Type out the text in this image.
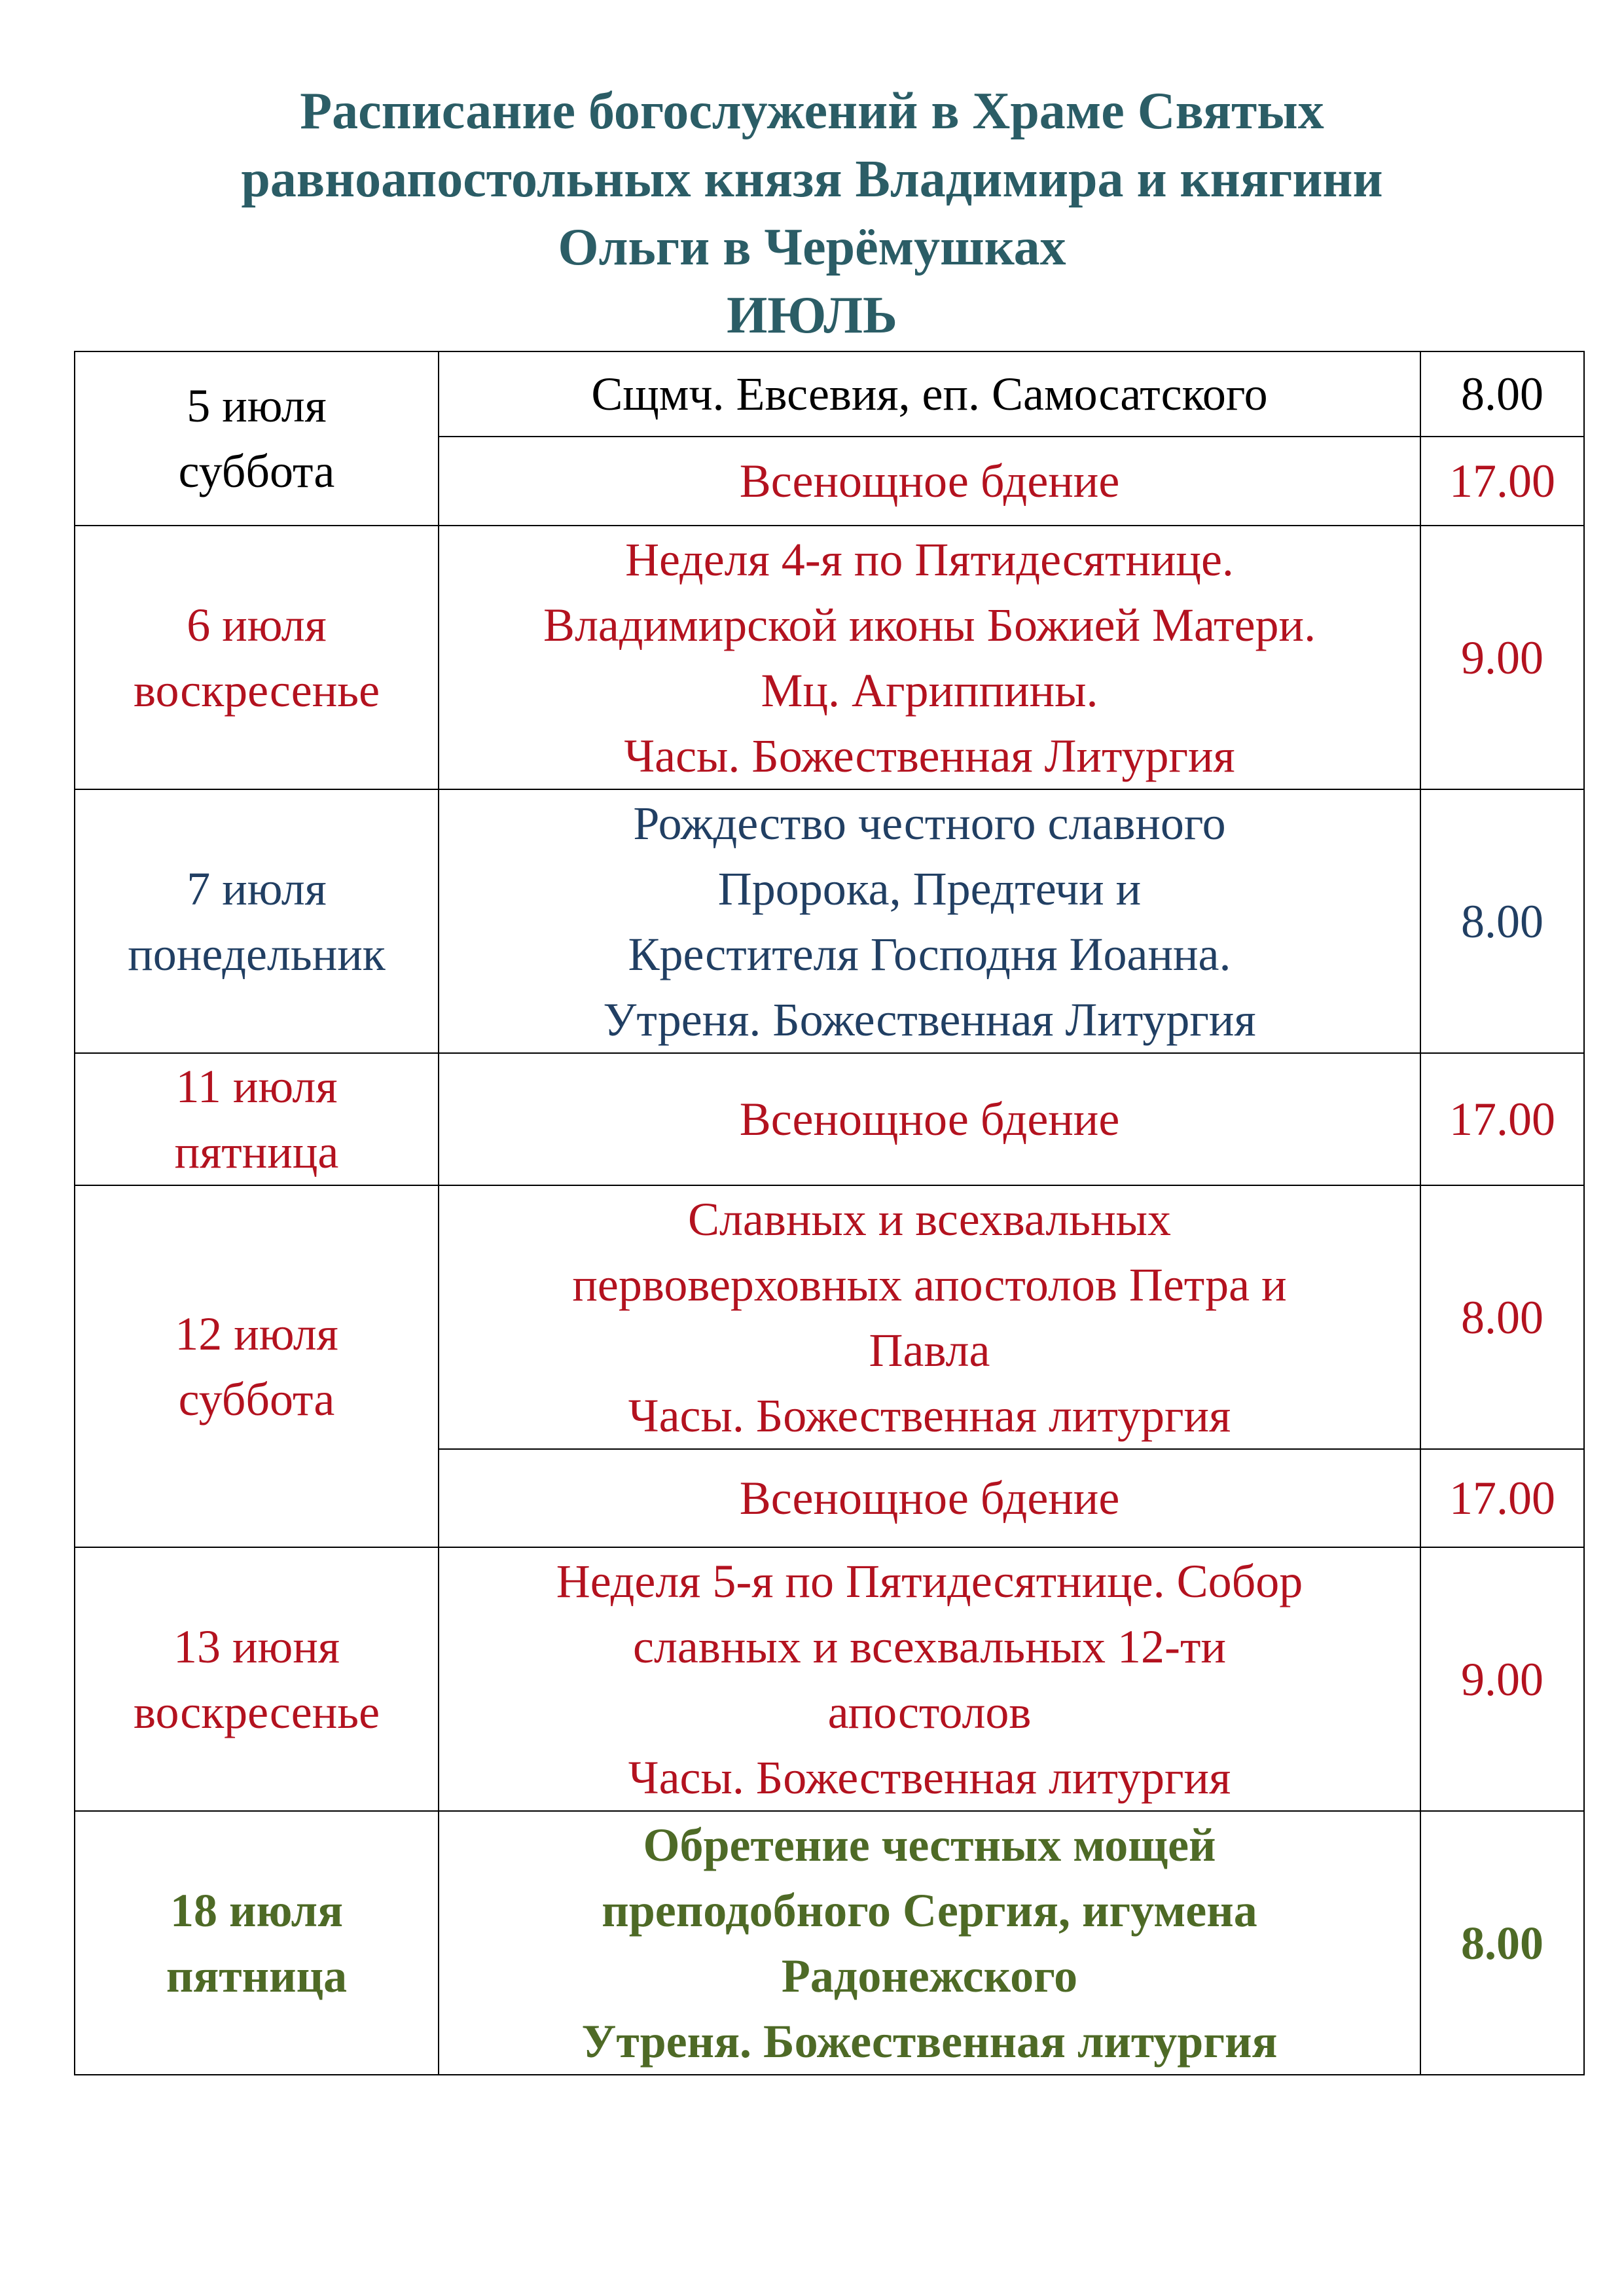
Расписание богослужений в Храме Святых
равноапостольных князя Владимира и княгини
Ольги в Черёмушках
ИЮЛЬ
5 июля
суббота	Сщмч. Евсевия, еп. Самосатского	8.00

	Всенощное бдение	17.00

6 июля
воскресенье	Неделя 4-я по Пятидесятнице.
Владимирской иконы Божией Матери.
Мц. Агриппины.
Часы. Божественная Литургия	9.00

7 июля
понедельник	Рождество честного славного
Пророка, Предтечи и
Крестителя Господня Иоанна.
Утреня. Божественная Литургия	8.00

11 июля
пятница	Всенощное бдение	17.00

12 июля
суббота	Славных и всехвальных
первоверховных апостолов Петра и
Павла
Часы. Божественная литургия	8.00

	Всенощное бдение	17.00

13 июня
воскресенье	Неделя 5-я по Пятидесятнице. Собор
славных и всехвальных 12-ти
апостолов
Часы. Божественная литургия	9.00

18 июля
пятница	Обретение честных мощей
преподобного Сергия, игумена
Радонежского
Утреня. Божественная литургия	8.00
